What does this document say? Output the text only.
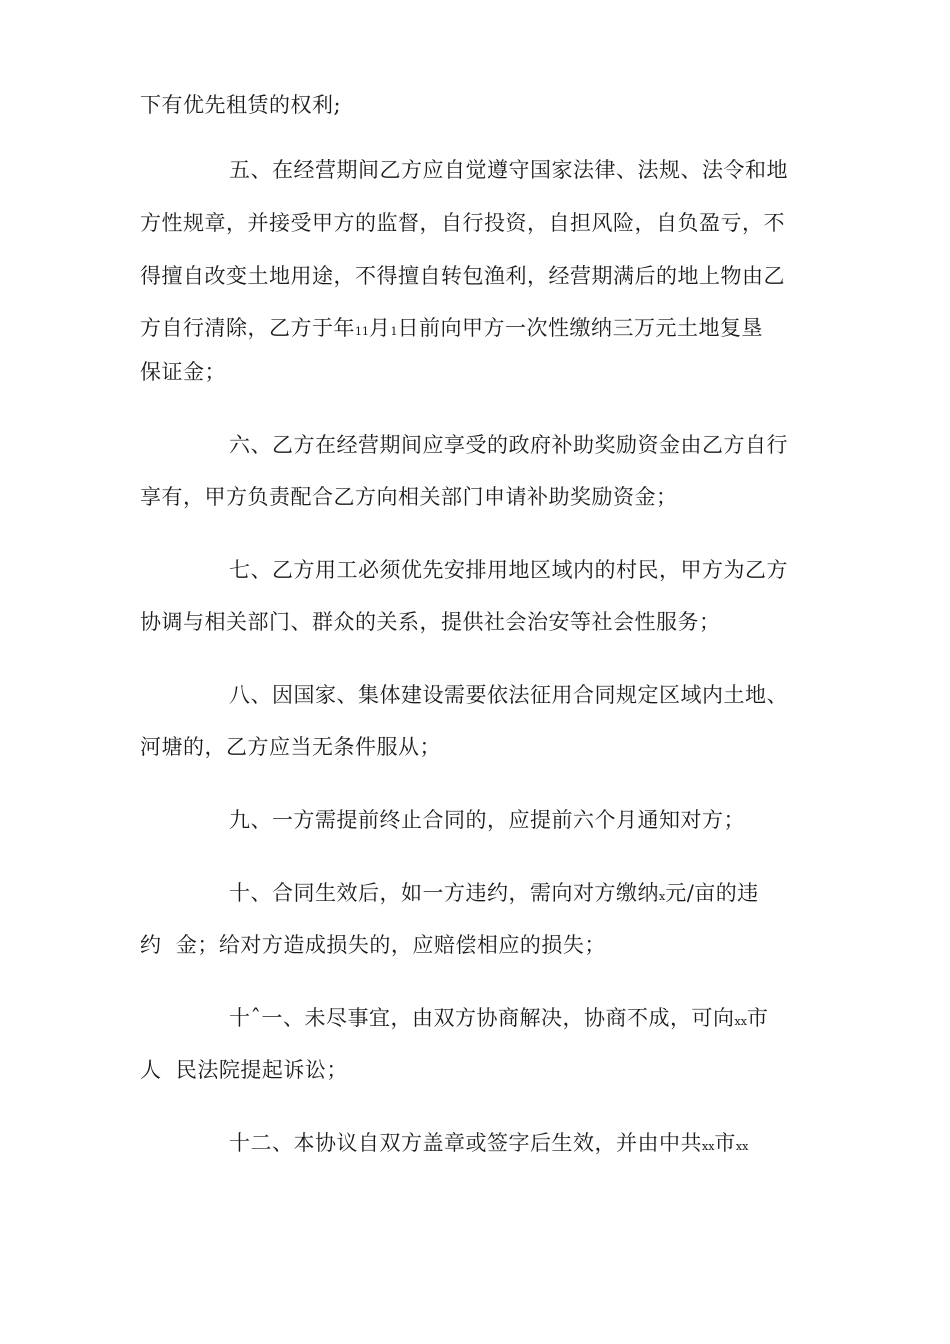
下有优先租赁的权利;
五、在经营期间乙方应自觉遵守国家法律、法规、法令和地
方性规章，并接受甲方的监督，自行投资，自担风险，自负盈亏，不
得擅自改变土地用途，不得擅自转包渔利，经营期满后的地上物由乙
方自行清除，乙方于年11月1日前向甲方一次性缴纳三万元土地复垦
保证金；
六、乙方在经营期间应享受的政府补助奖励资金由乙方自行
享有，甲方负责配合乙方向相关部门申请补助奖励资金；
七、乙方用工必须优先安排用地区域内的村民，甲方为乙方
协调与相关部门、群众的关系，提供社会治安等社会性服务；
八、因国家、集体建设需要依法征用合同规定区域内土地、
河塘的，乙方应当无条件服从；
九、一方需提前终止合同的，应提前六个月通知对方；
十、合同生效后，如一方违约，需向对方缴纳x元/亩的违
约  金；给对方造成损失的，应赔偿相应的损失；
十ˆ一、未尽事宜，由双方协商解决，协商不成，可向xx市
人  民法院提起诉讼；
十二、本协议自双方盖章或签字后生效，并由中共xx市xx
